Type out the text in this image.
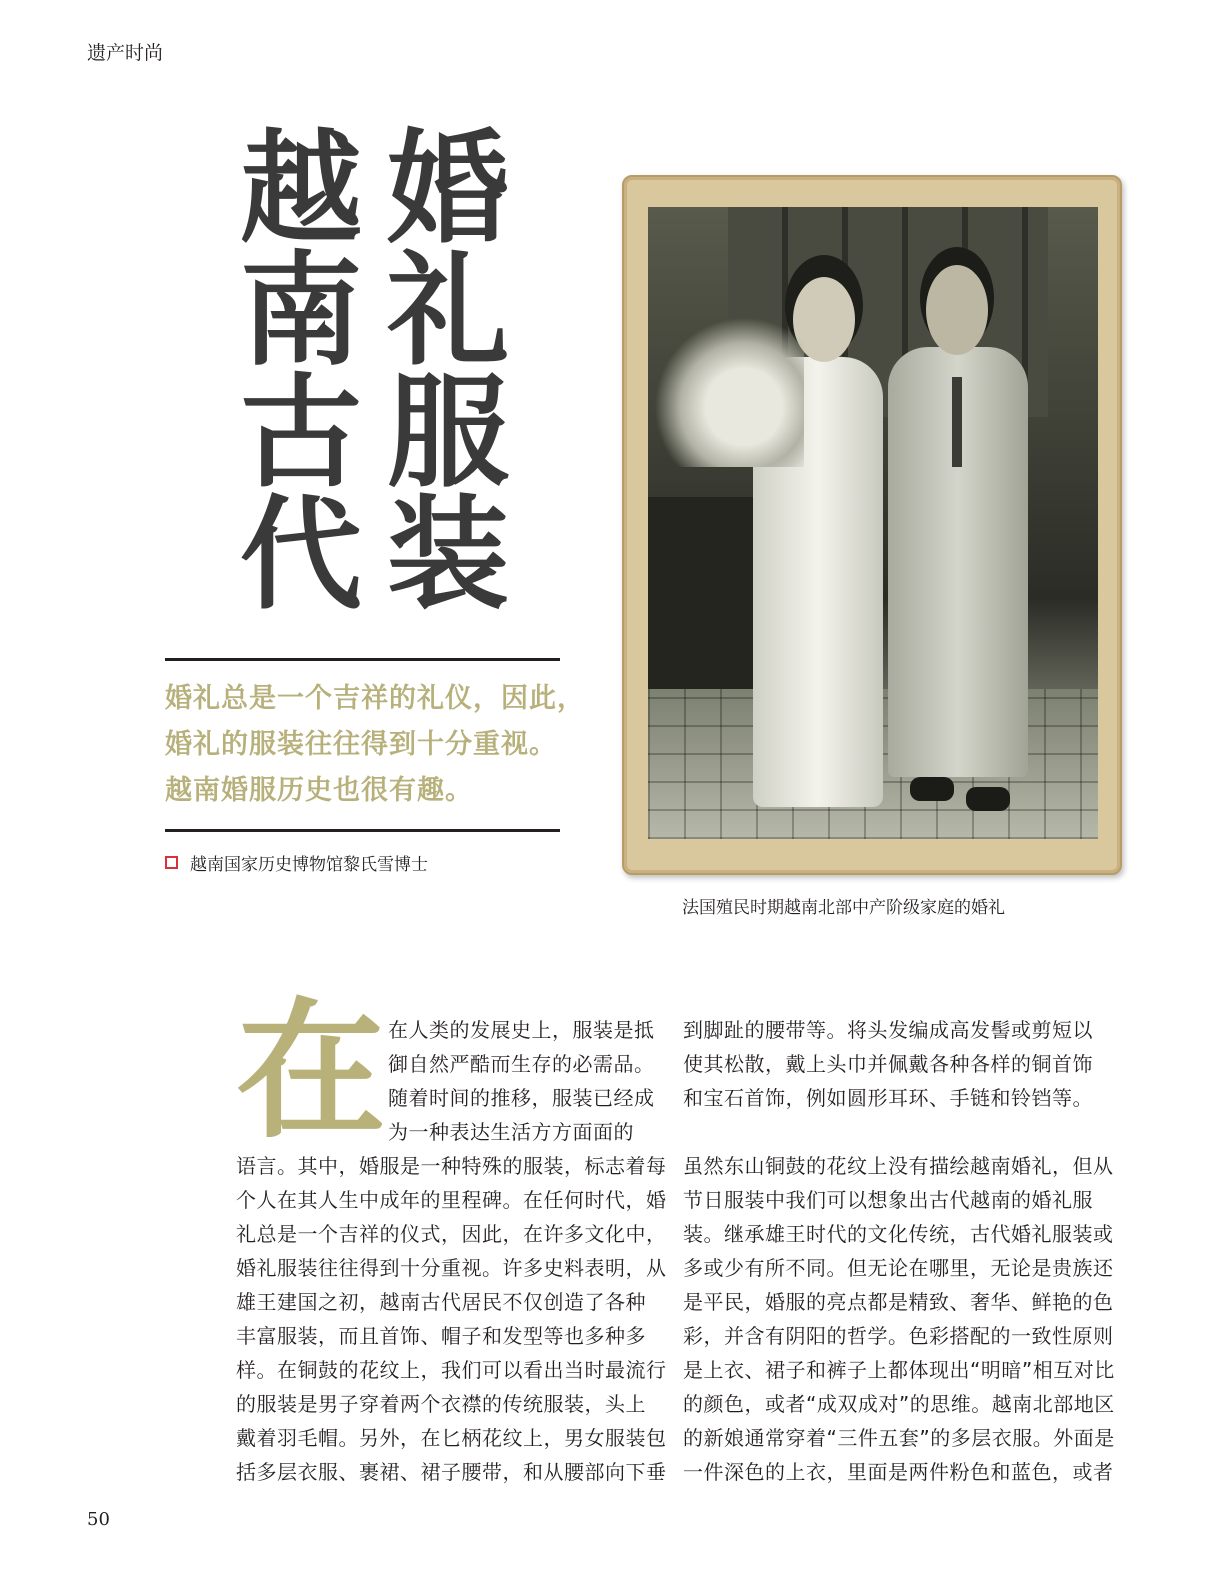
遗产时尚
越
南
古
代
婚
礼
服
装
婚礼总是一个吉祥的礼仪，因此，
婚礼的服装往往得到十分重视。
越南婚服历史也很有趣。
越南国家历史博物馆黎氏雪博士
法国殖民时期越南北部中产阶级家庭的婚礼
在 在人类的发展史上，服装是抵
御自然严酷而生存的必需品。
随着时间的推移，服装已经成
为一种表达生活方方面面的
语言。其中，婚服是一种特殊的服装，标志着每
个人在其人生中成年的里程碑。在任何时代，婚
礼总是一个吉祥的仪式，因此，在许多文化中，
婚礼服装往往得到十分重视。许多史料表明，从
雄王建国之初，越南古代居民不仅创造了各种
丰富服装，而且首饰、帽子和发型等也多种多
样。在铜鼓的花纹上，我们可以看出当时最流行
的服装是男子穿着两个衣襟的传统服装，头上
戴着羽毛帽。另外，在匕柄花纹上，男女服装包
括多层衣服、裹裙、裙子腰带，和从腰部向下垂
到脚趾的腰带等。将头发编成高发髻或剪短以
使其松散，戴上头巾并佩戴各种各样的铜首饰
和宝石首饰，例如圆形耳环、手链和铃铛等。
虽然东山铜鼓的花纹上没有描绘越南婚礼，但从
节日服装中我们可以想象出古代越南的婚礼服
装。继承雄王时代的文化传统，古代婚礼服装或
多或少有所不同。但无论在哪里，无论是贵族还
是平民，婚服的亮点都是精致、奢华、鲜艳的色
彩，并含有阴阳的哲学。色彩搭配的一致性原则
是上衣、裙子和裤子上都体现出“明暗”相互对比
的颜色，或者“成双成对”的思维。越南北部地区
的新娘通常穿着“三件五套”的多层衣服。外面是
一件深色的上衣，里面是两件粉色和蓝色，或者
50
